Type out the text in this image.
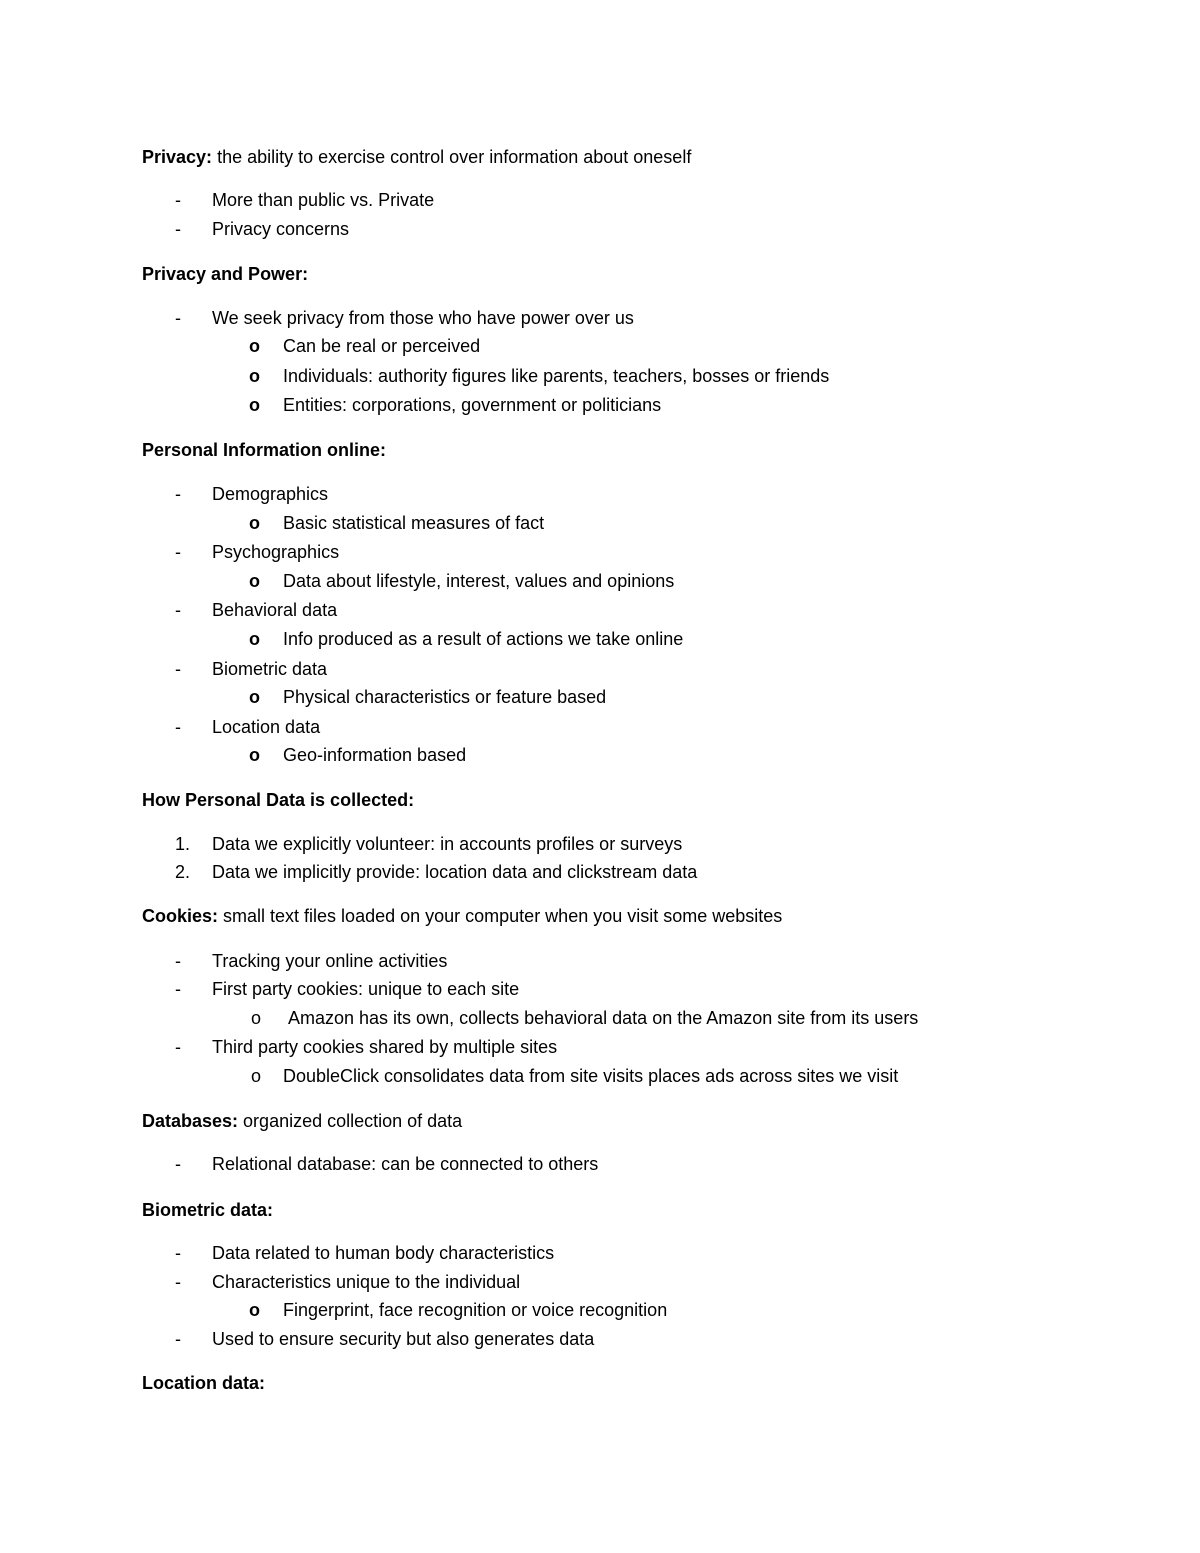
Privacy: the ability to exercise control over information about oneself
- More than public vs. Private
- Privacy concerns
Privacy and Power:
- We seek privacy from those who have power over us
o Can be real or perceived
o Individuals: authority figures like parents, teachers, bosses or friends
o Entities: corporations, government or politicians
Personal Information online:
- Demographics
o Basic statistical measures of fact
- Psychographics
o Data about lifestyle, interest, values and opinions
- Behavioral data
o Info produced as a result of actions we take online
- Biometric data
o Physical characteristics or feature based
- Location data
o Geo-information based
How Personal Data is collected:
1. Data we explicitly volunteer: in accounts profiles or surveys
2. Data we implicitly provide: location data and clickstream data
Cookies: small text files loaded on your computer when you visit some websites
- Tracking your online activities
- First party cookies: unique to each site
o Amazon has its own, collects behavioral data on the Amazon site from its users
- Third party cookies shared by multiple sites
o DoubleClick consolidates data from site visits places ads across sites we visit
Databases: organized collection of data
- Relational database: can be connected to others
Biometric data:
- Data related to human body characteristics
- Characteristics unique to the individual
o Fingerprint, face recognition or voice recognition
- Used to ensure security but also generates data
Location data:
